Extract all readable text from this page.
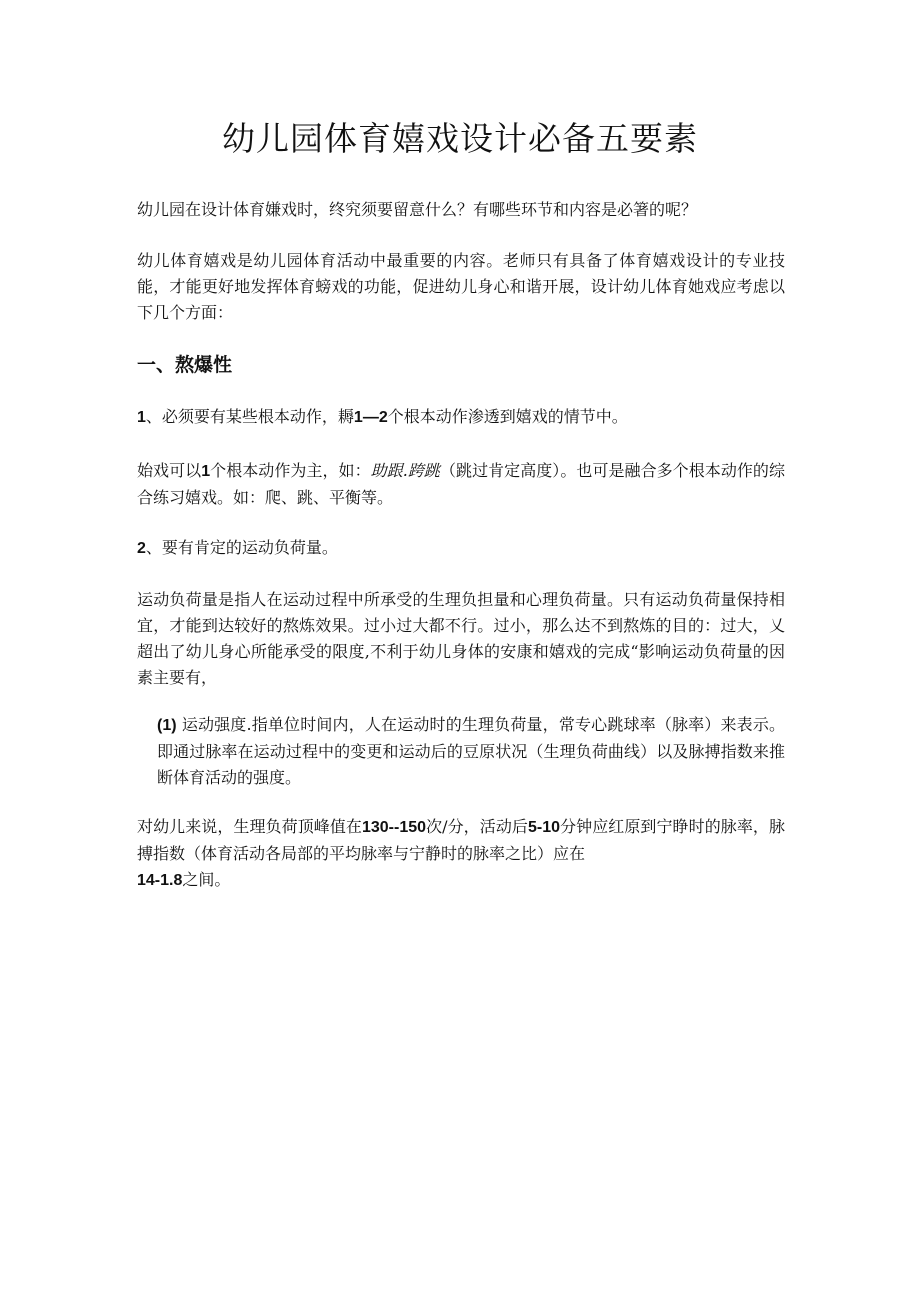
幼儿园体育嬉戏设计必备五要素

幼儿园在设计体育嫌戏时，终究须要留意什么？有哪些环节和内容是必箸的呢？

幼儿体育嬉戏是幼儿园体育活动中最重要的内容。老师只有具备了体育嬉戏设计的专业技能，才能更好地发挥体育螃戏的功能，促进幼儿身心和谐开展，设计幼儿体育她戏应考虑以下几个方面：

一、熬爆性

1、必须要有某些根本动作，耨1—2个根本动作渗透到嬉戏的情节中。

始戏可以1个根本动作为主，如：助跟.跨跳（跳过肯定高度）。也可是融合多个根本动作的综合练习嬉戏。如：爬、跳、平衡等。

2、要有肯定的运动负荷量。

运动负荷量是指人在运动过程中所承受的生理负担量和心理负荷量。只有运动负荷量保持相宜，才能到达较好的熬炼效果。过小过大都不行。过小，那么达不到熬炼的目的：过大，乂超出了幼儿身心所能承受的限度,不利于幼儿身体的安康和嬉戏的完成“影响运动负荷量的因素主要有，

(1) 运动强度.指单位时间内，人在运动时的生理负荷量，常专心跳球率（脉率）来表示。即通过脉率在运动过程中的变更和运动后的豆原状况（生理负荷曲线）以及脉搏指数来推断体育活动的强度。

对幼儿来说，生理负荷顶峰值在130--150次/分，活动后5-10分钟应红原到宁睁时的脉率，脉搏指数（体育活动各局部的平均脉率与宁静时的脉率之比）应在
14-1.8之间。
